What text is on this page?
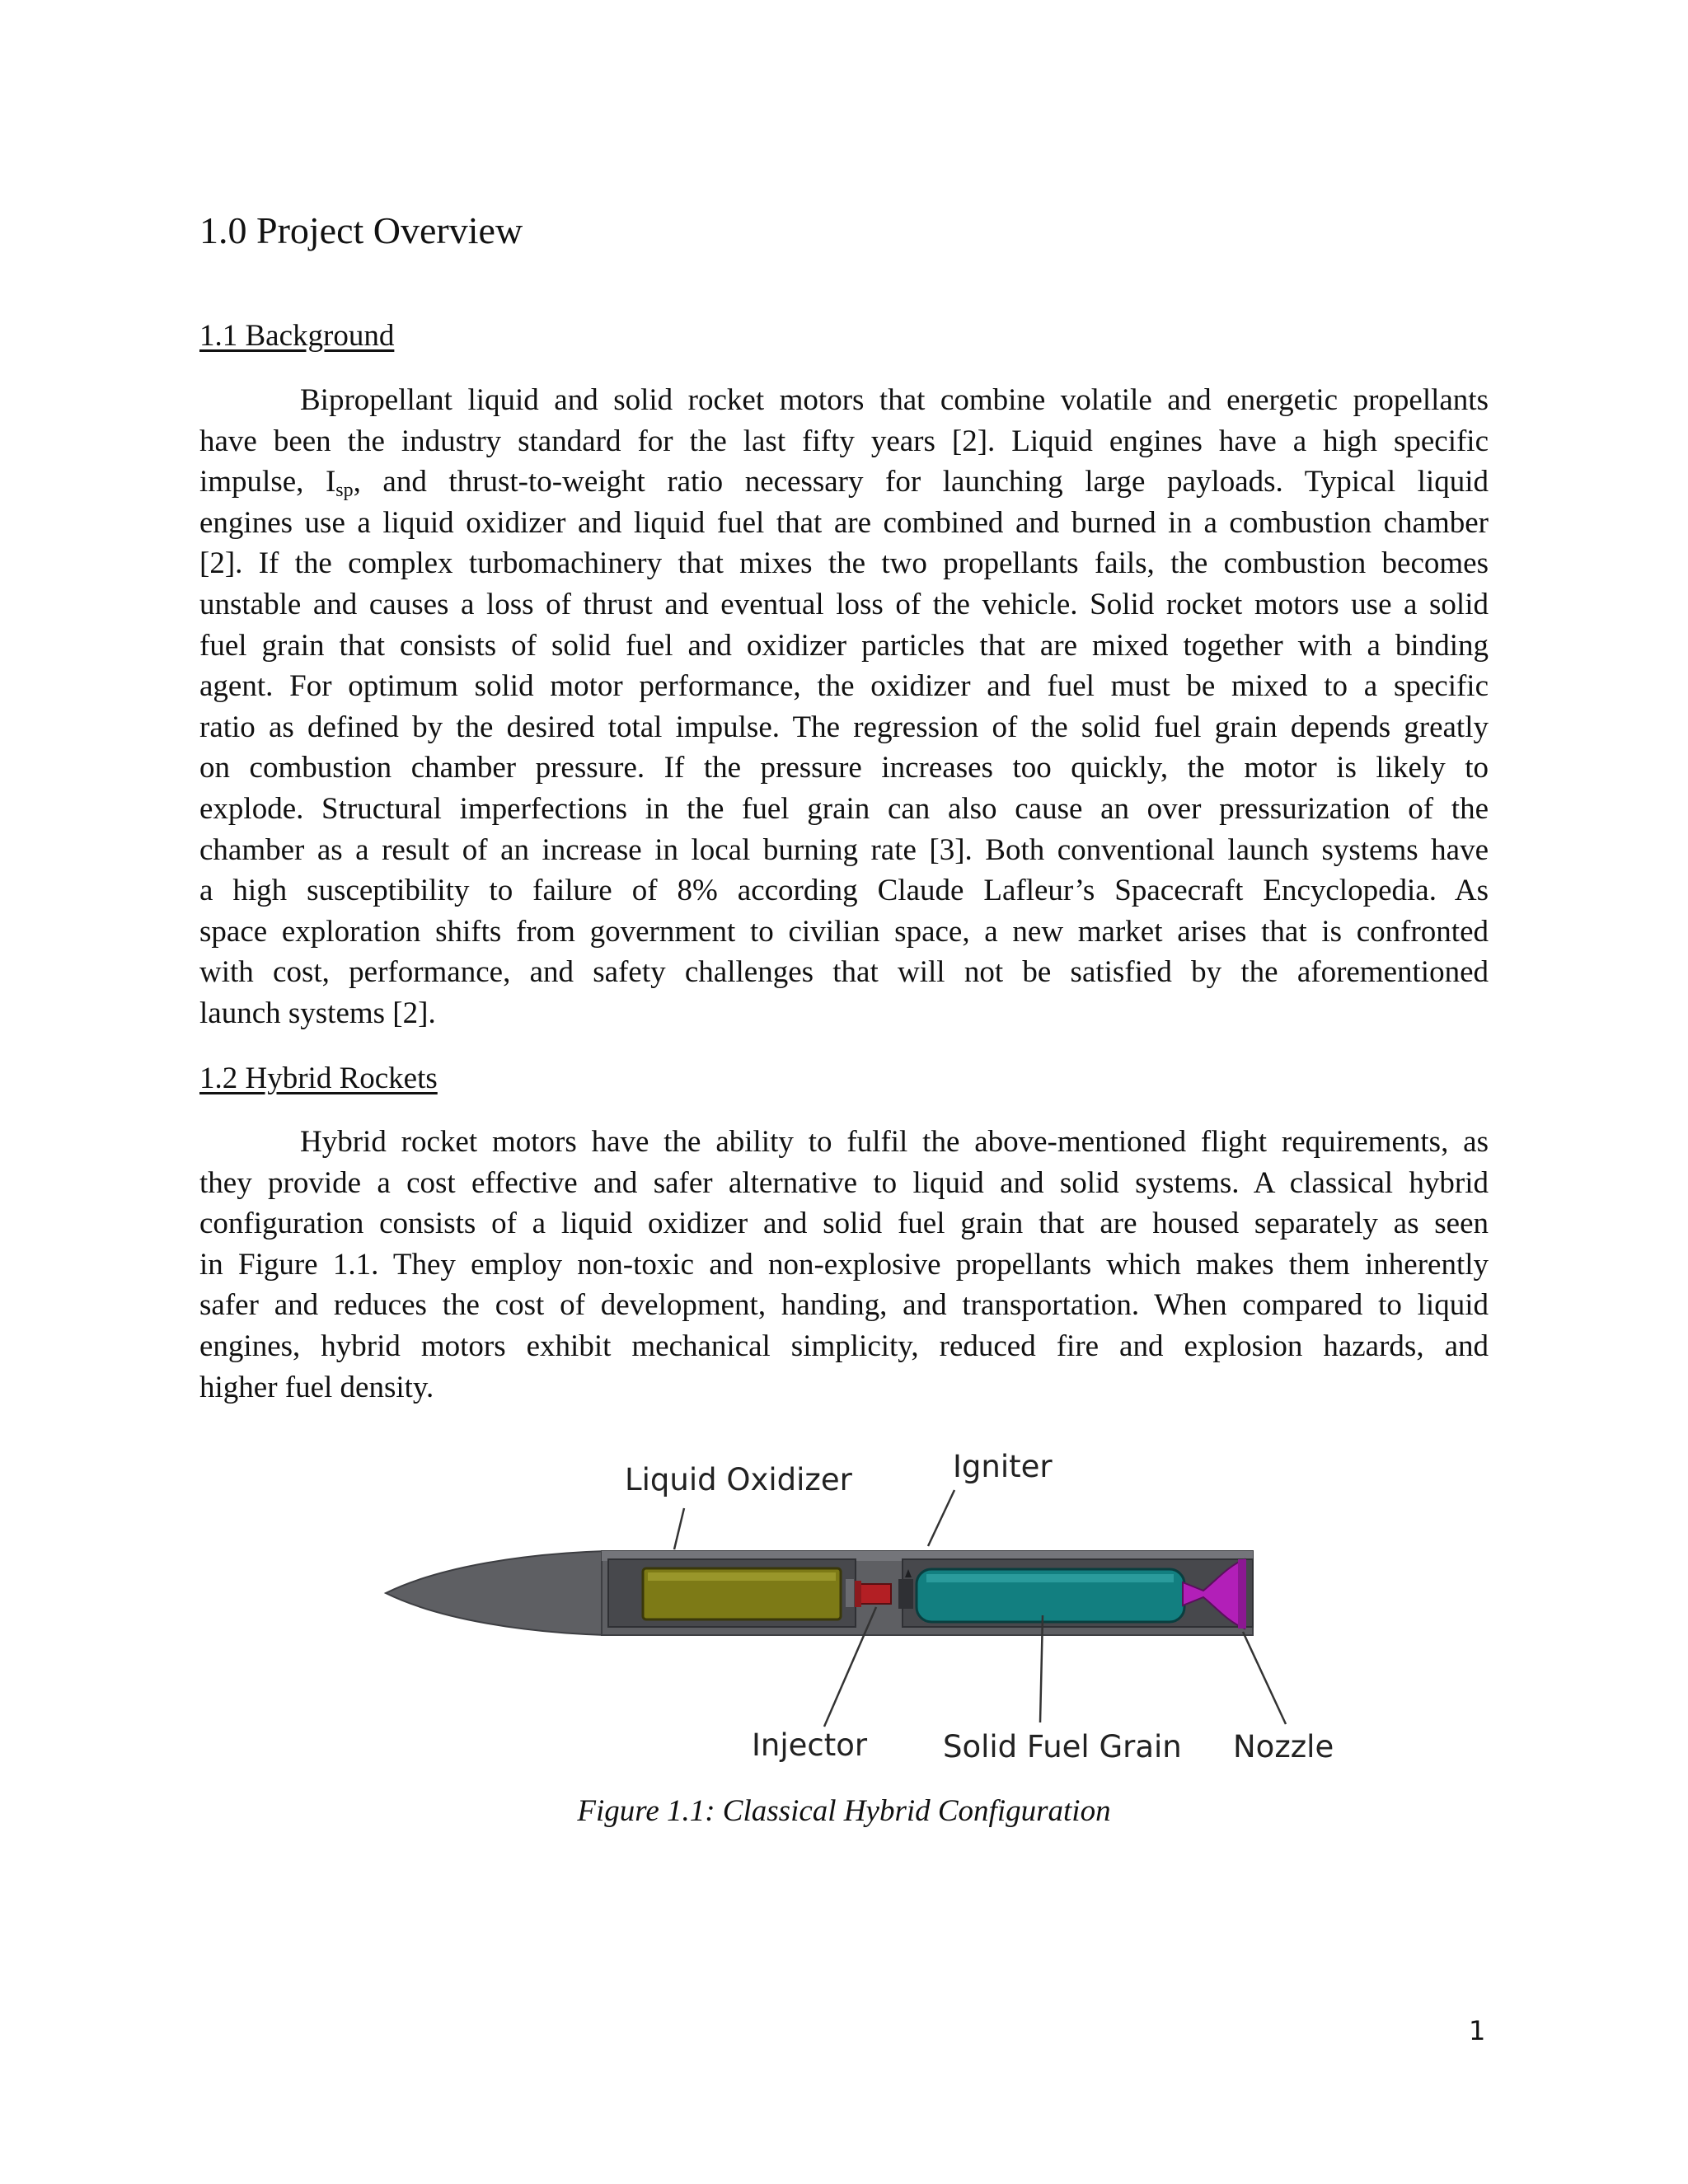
1.0 Project Overview
1.1 Background
Bipropellant liquid and solid rocket motors that combine volatile and energetic propellants
have been the industry standard for the last fifty years [2]. Liquid engines have a high specific
impulse, $I_{sp}$, and thrust-to-weight ratio necessary for launching large payloads. Typical liquid
engines use a liquid oxidizer and liquid fuel that are combined and burned in a combustion chamber
[2]. If the complex turbomachinery that mixes the two propellants fails, the combustion becomes
unstable and causes a loss of thrust and eventual loss of the vehicle. Solid rocket motors use a solid
fuel grain that consists of solid fuel and oxidizer particles that are mixed together with a binding
agent. For optimum solid motor performance, the oxidizer and fuel must be mixed to a specific
ratio as defined by the desired total impulse. The regression of the solid fuel grain depends greatly
on combustion chamber pressure. If the pressure increases too quickly, the motor is likely to
explode. Structural imperfections in the fuel grain can also cause an over pressurization of the
chamber as a result of an increase in local burning rate [3]. Both conventional launch systems have
a high susceptibility to failure of 8% according Claude Lafleur’s Spacecraft Encyclopedia. As
space exploration shifts from government to civilian space, a new market arises that is confronted
with cost, performance, and safety challenges that will not be satisfied by the aforementioned
launch systems [2].
1.2 Hybrid Rockets
Hybrid rocket motors have the ability to fulfil the above-mentioned flight requirements, as
they provide a cost effective and safer alternative to liquid and solid systems. A classical hybrid
configuration consists of a liquid oxidizer and solid fuel grain that are housed separately as seen
in Figure 1.1. They employ non-toxic and non-explosive propellants which makes them inherently
safer and reduces the cost of development, handing, and transportation. When compared to liquid
engines, hybrid motors exhibit mechanical simplicity, reduced fire and explosion hazards, and
higher fuel density.
Liquid Oxidizer	Igniter
Injector Solid Fuel Grain Nozzle

Figure 1.1: Classical Hybrid Configuration

1
